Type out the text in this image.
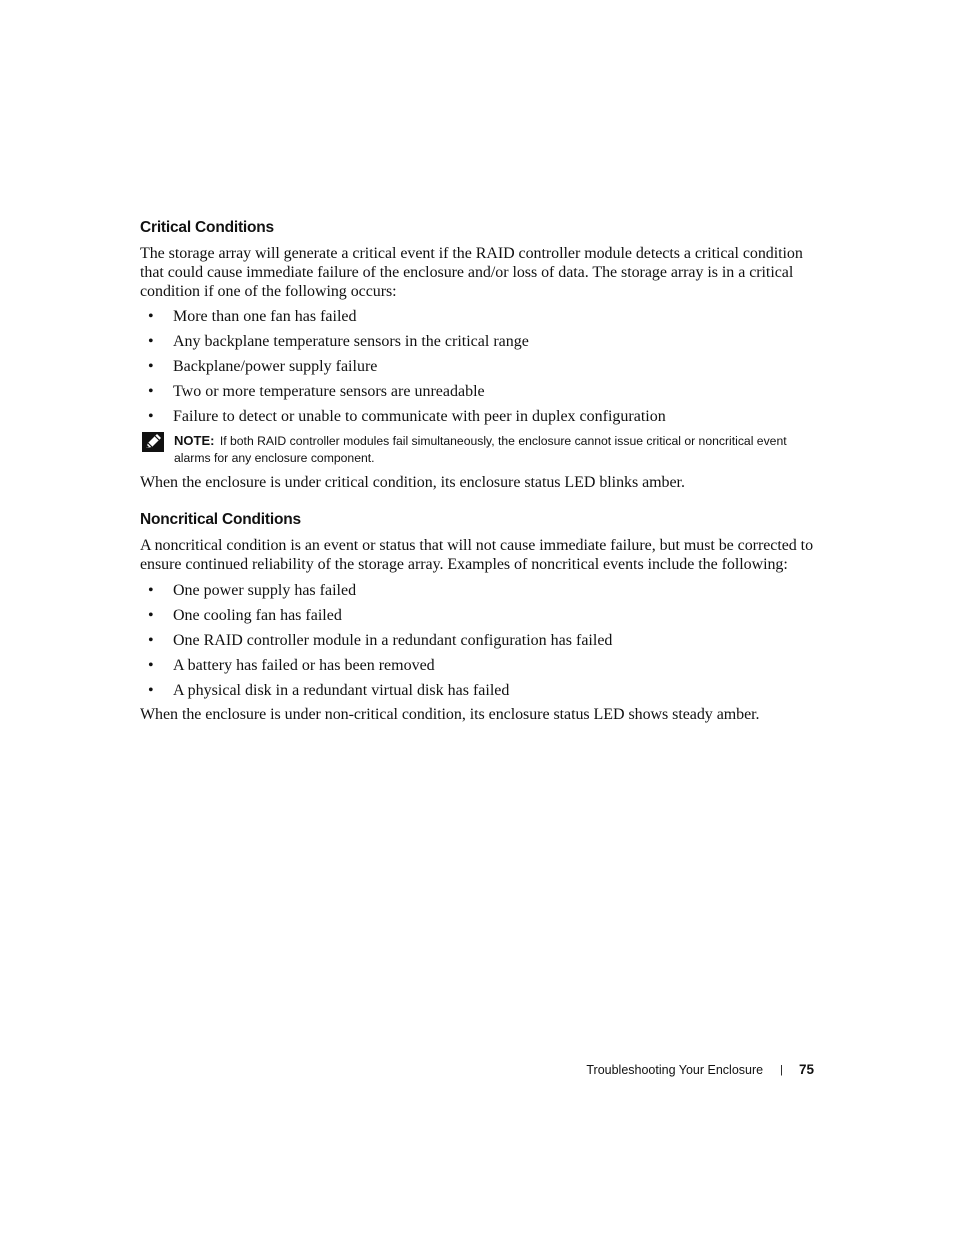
Critical Conditions

The storage array will generate a critical event if the RAID controller module detects a critical condition that could cause immediate failure of the enclosure and/or loss of data. The storage array is in a critical condition if one of the following occurs:

• More than one fan has failed
• Any backplane temperature sensors in the critical range
• Backplane/power supply failure
• Two or more temperature sensors are unreadable
• Failure to detect or unable to communicate with peer in duplex configuration
NOTE: If both RAID controller modules fail simultaneously, the enclosure cannot issue critical or noncritical event alarms for any enclosure component.

When the enclosure is under critical condition, its enclosure status LED blinks amber.

Noncritical Conditions

A noncritical condition is an event or status that will not cause immediate failure, but must be corrected to ensure continued reliability of the storage array. Examples of noncritical events include the following:

• One power supply has failed
• One cooling fan has failed
• One RAID controller module in a redundant configuration has failed
• A battery has failed or has been removed
• A physical disk in a redundant virtual disk has failed

When the enclosure is under non-critical condition, its enclosure status LED shows steady amber.

Troubleshooting Your Enclosure | 75
